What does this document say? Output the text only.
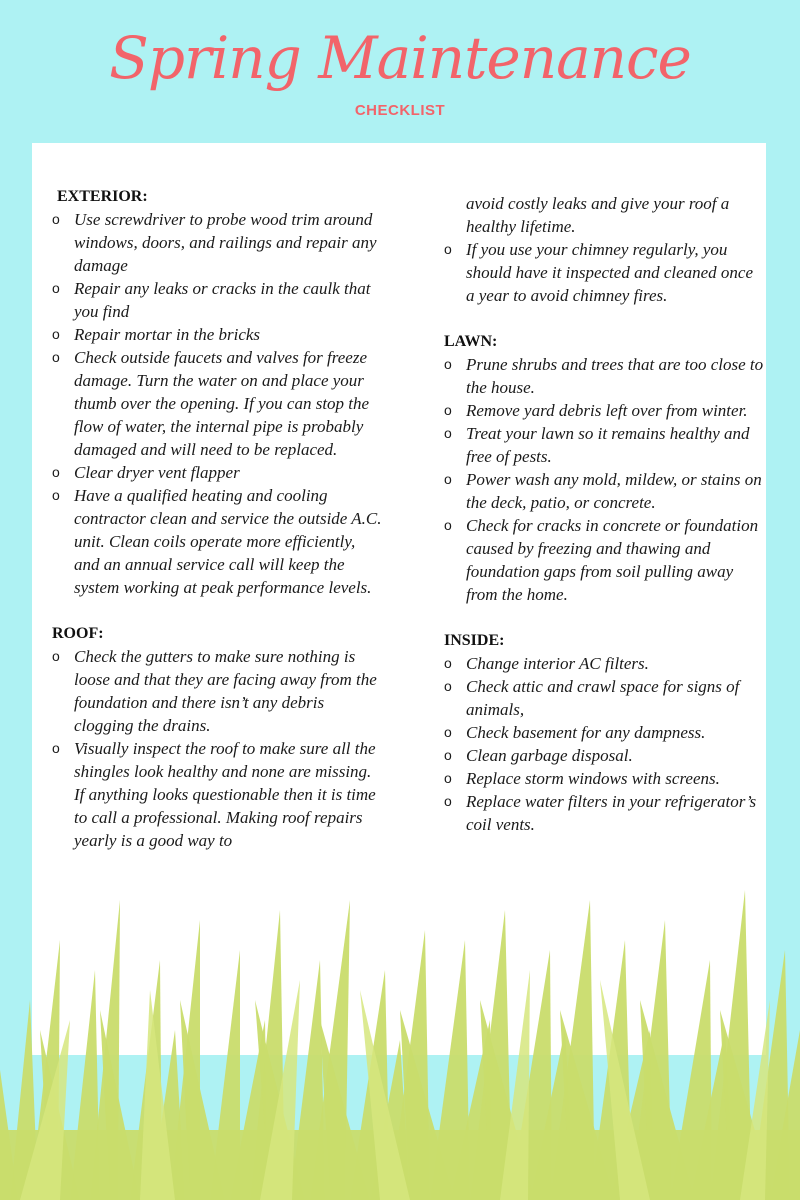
Spring Maintenance
CHECKLIST
EXTERIOR:
o Use screwdriver to probe wood trim around windows, doors, and railings and repair any damage
o Repair any leaks or cracks in the caulk that you find
o Repair mortar in the bricks
o Check outside faucets and valves for freeze damage. Turn the water on and place your thumb over the opening. If you can stop the flow of water, the internal pipe is probably damaged and will need to be replaced.
o Clear dryer vent flapper
o Have a qualified heating and cooling contractor clean and service the outside A.C. unit. Clean coils operate more efficiently, and an annual service call will keep the system working at peak performance levels.
ROOF:
o Check the gutters to make sure nothing is loose and that they are facing away from the foundation and there isn’t any debris clogging the drains.
o Visually inspect the roof to make sure all the shingles look healthy and none are missing. If anything looks questionable then it is time to call a professional. Making roof repairs yearly is a good way to
avoid costly leaks and give your roof a healthy lifetime.
o If you use your chimney regularly, you should have it inspected and cleaned once a year to avoid chimney fires.
LAWN:
o Prune shrubs and trees that are too close to the house.
o Remove yard debris left over from winter.
o Treat your lawn so it remains healthy and free of pests.
o Power wash any mold, mildew, or stains on the deck, patio, or concrete.
o Check for cracks in concrete or foundation caused by freezing and thawing and foundation gaps from soil pulling away from the home.
INSIDE:
o Change interior AC filters.
o Check attic and crawl space for signs of animals,
o Check basement for any dampness.
o Clean garbage disposal.
o Replace storm windows with screens.
o Replace water filters in your refrigerator’s coil vents.
